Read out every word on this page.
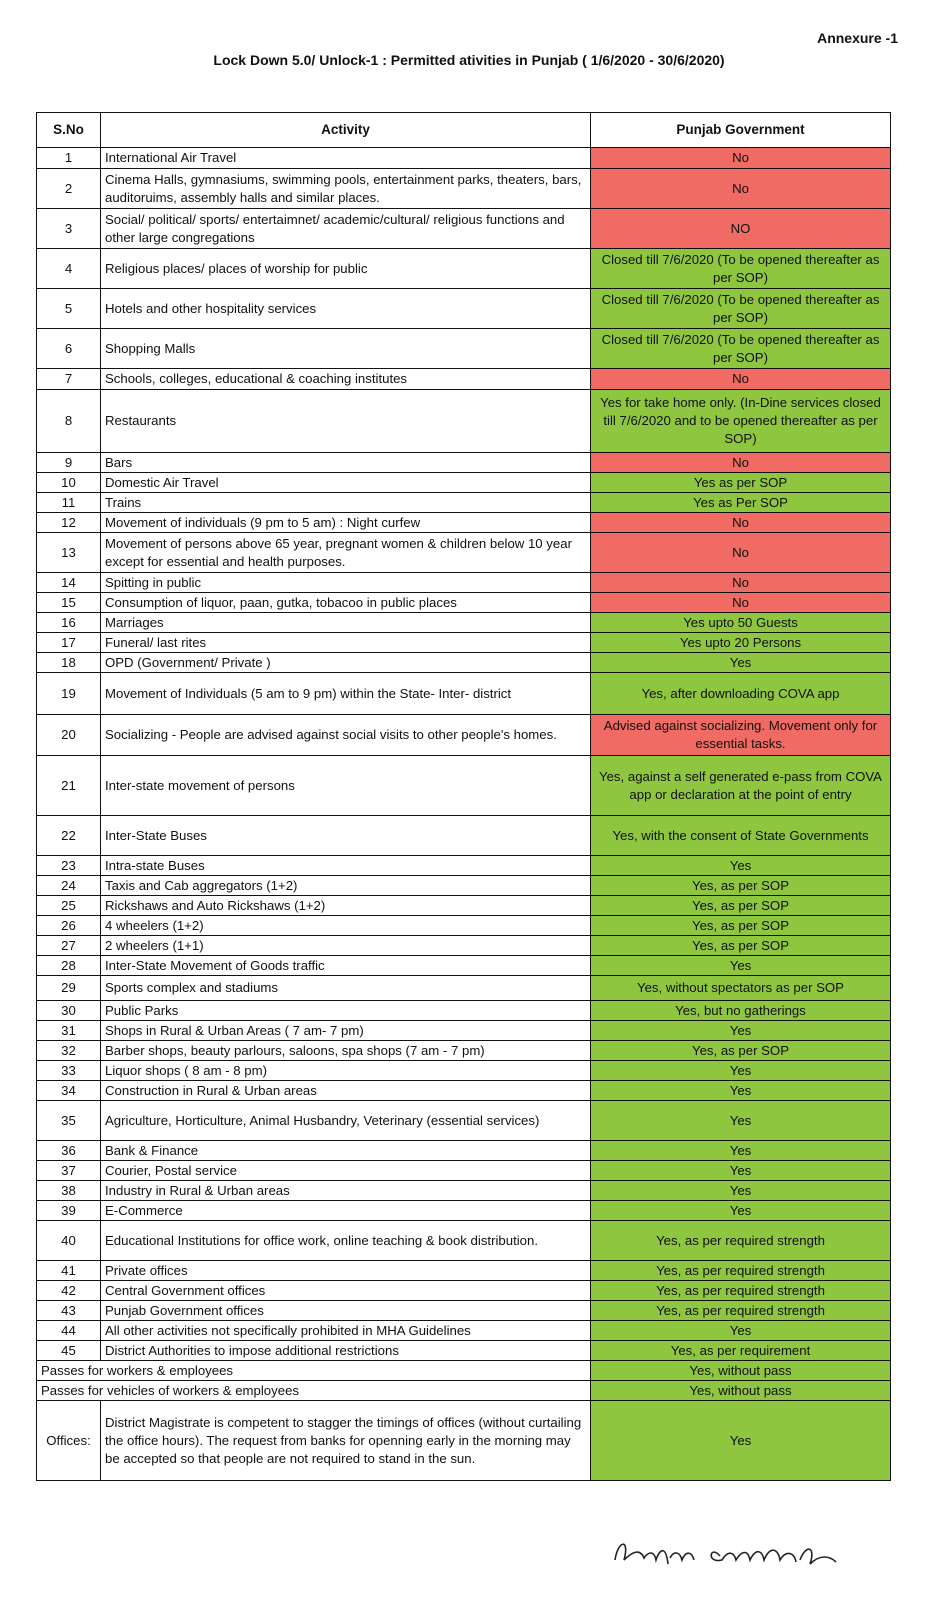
Annexure -1
Lock Down 5.0/ Unlock-1 : Permitted ativities in Punjab ( 1/6/2020 - 30/6/2020)
S.No	Activity	Punjab Government
1	International Air Travel	No
2	Cinema Halls, gymnasiums, swimming pools, entertainment parks, theaters, bars, auditoruims, assembly halls and similar places.	No
3	Social/ political/ sports/ entertaimnet/ academic/cultural/ religious functions and other large congregations	NO
4	Religious places/ places of worship for public	Closed till 7/6/2020 (To be opened thereafter as per SOP)
5	Hotels and other hospitality services	Closed till 7/6/2020 (To be opened thereafter as per SOP)
6	Shopping Malls	Closed till 7/6/2020 (To be opened thereafter as per SOP)
7	Schools, colleges, educational & coaching institutes	No
8	Restaurants	Yes for take home only. (In-Dine services closed till 7/6/2020 and to be opened thereafter as per SOP)
9	Bars	No
10	Domestic Air Travel	Yes as per SOP
11	Trains	Yes as Per SOP
12	Movement of individuals (9 pm to 5 am) : Night curfew	No
13	Movement of persons above 65 year, pregnant women & children below 10 year except for essential and health purposes.	No
14	Spitting in public	No
15	Consumption of liquor, paan, gutka, tobacoo in public places	No
16	Marriages	Yes upto 50 Guests
17	Funeral/ last rites	Yes upto 20 Persons
18	OPD (Government/ Private )	Yes
19	Movement of Individuals (5 am to 9 pm) within the State- Inter- district	Yes, after downloading COVA app
20	Socializing - People are advised against social visits to other people's homes.	Advised against socializing. Movement only for essential tasks.
21	Inter-state movement of persons	Yes, against a self generated e-pass from COVA app or declaration at the point of entry
22	Inter-State Buses	Yes, with the consent of State Governments
23	Intra-state Buses	Yes
24	Taxis and Cab aggregators (1+2)	Yes, as per SOP
25	Rickshaws and Auto Rickshaws (1+2)	Yes, as per SOP
26	4 wheelers (1+2)	Yes, as per SOP
27	2 wheelers (1+1)	Yes, as per SOP
28	Inter-State Movement of Goods traffic	Yes
29	Sports complex and stadiums	Yes, without spectators as per SOP
30	Public Parks	Yes, but no gatherings
31	Shops in Rural & Urban Areas ( 7 am- 7 pm)	Yes
32	Barber shops, beauty parlours, saloons, spa shops (7 am - 7 pm)	Yes, as per SOP
33	Liquor shops ( 8 am - 8 pm)	Yes
34	Construction in Rural & Urban areas	Yes
35	Agriculture, Horticulture, Animal Husbandry, Veterinary (essential services)	Yes
36	Bank & Finance	Yes
37	Courier, Postal service	Yes
38	Industry in Rural & Urban areas	Yes
39	E-Commerce	Yes
40	Educational Institutions for office work, online teaching & book distribution.	Yes, as per required strength
41	Private offices	Yes, as per required strength
42	Central Government offices	Yes, as per required strength
43	Punjab Government offices	Yes, as per required strength
44	All other activities not specifically prohibited in MHA Guidelines	Yes
45	District Authorities to impose additional restrictions	Yes, as per requirement
Passes for workers & employees		Yes, without pass
Passes for vehicles of workers & employees		Yes, without pass
Offices:	District Magistrate is competent to stagger the timings of offices (without curtailing the office hours). The request from banks for openning early in the morning may be accepted so that people are not required to stand in the sun.	Yes
